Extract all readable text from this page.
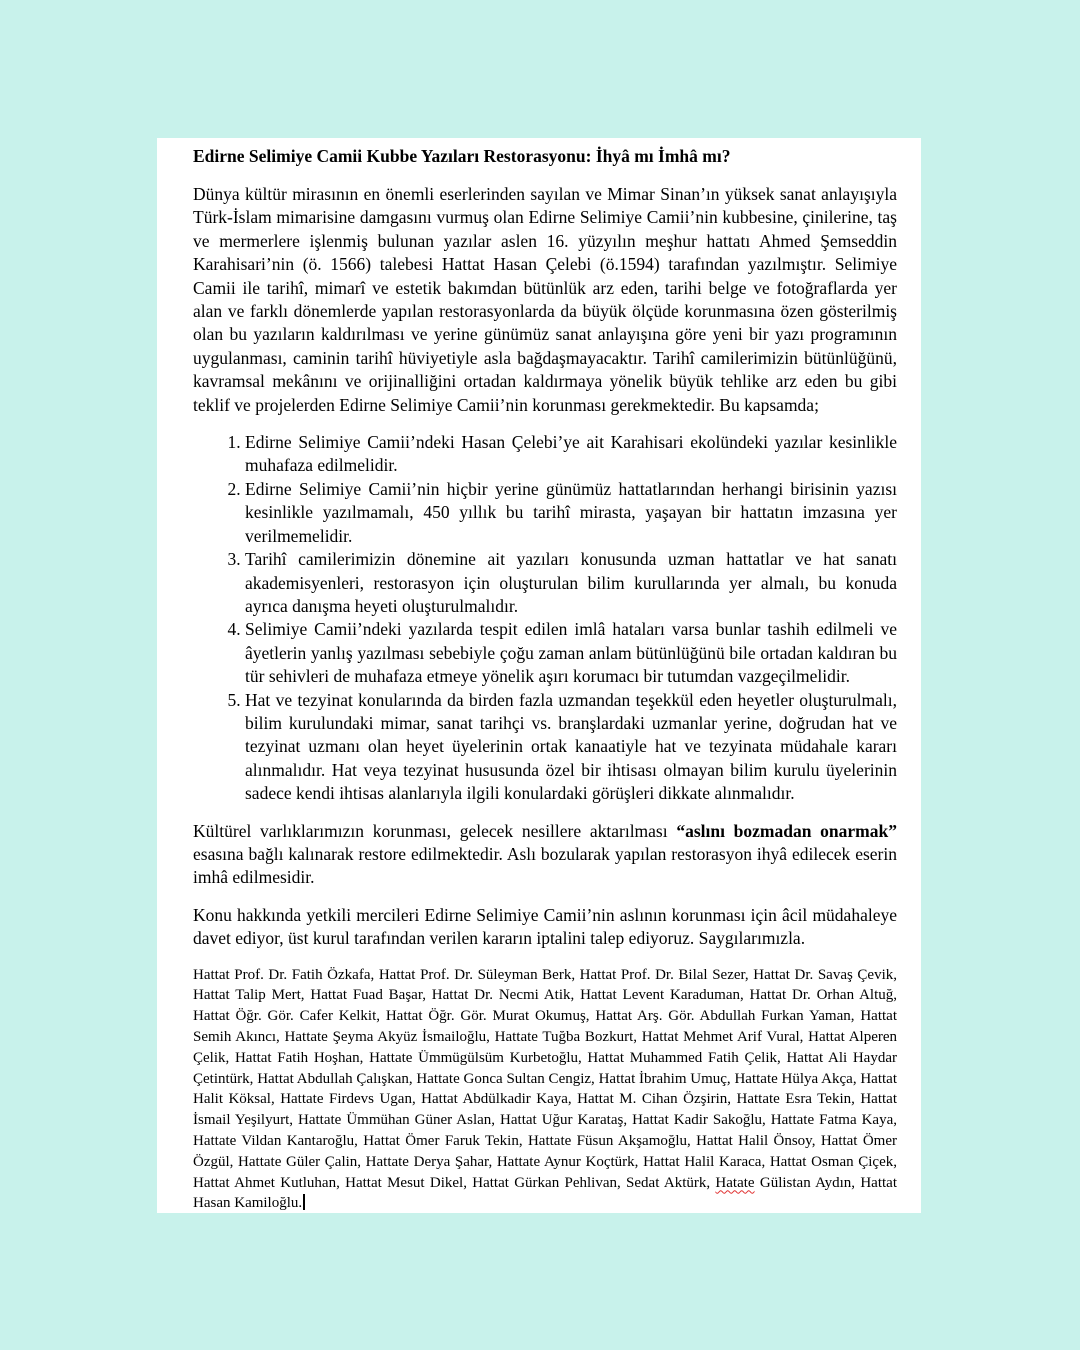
Edirne Selimiye Camii Kubbe Yazıları Restorasyonu: İhyâ mı İmhâ mı?

Dünya kültür mirasının en önemli eserlerinden sayılan ve Mimar Sinan’ın yüksek sanat anlayışıyla Türk-İslam mimarisine damgasını vurmuş olan Edirne Selimiye Camii’nin kubbesine, çinilerine, taş ve mermerlere işlenmiş bulunan yazılar aslen 16. yüzyılın meşhur hattatı Ahmed Şemseddin Karahisari’nin (ö. 1566) talebesi Hattat Hasan Çelebi (ö.1594) tarafından yazılmıştır. Selimiye Camii ile tarihî, mimarî ve estetik bakımdan bütünlük arz eden, tarihi belge ve fotoğraflarda yer alan ve farklı dönemlerde yapılan restorasyonlarda da büyük ölçüde korunmasına özen gösterilmiş olan bu yazıların kaldırılması ve yerine günümüz sanat anlayışına göre yeni bir yazı programının uygulanması, caminin tarihî hüviyetiyle asla bağdaşmayacaktır. Tarihî camilerimizin bütünlüğünü, kavramsal mekânını ve orijinalliğini ortadan kaldırmaya yönelik büyük tehlike arz eden bu gibi teklif ve projelerden Edirne Selimiye Camii’nin korunması gerekmektedir. Bu kapsamda;

1. Edirne Selimiye Camii’ndeki Hasan Çelebi’ye ait Karahisari ekolündeki yazılar kesinlikle muhafaza edilmelidir.
2. Edirne Selimiye Camii’nin hiçbir yerine günümüz hattatlarından herhangi birisinin yazısı kesinlikle yazılmamalı, 450 yıllık bu tarihî mirasta, yaşayan bir hattatın imzasına yer verilmemelidir.
3. Tarihî camilerimizin dönemine ait yazıları konusunda uzman hattatlar ve hat sanatı akademisyenleri, restorasyon için oluşturulan bilim kurullarında yer almalı, bu konuda ayrıca danışma heyeti oluşturulmalıdır.
4. Selimiye Camii’ndeki yazılarda tespit edilen imlâ hataları varsa bunlar tashih edilmeli ve âyetlerin yanlış yazılması sebebiyle çoğu zaman anlam bütünlüğünü bile ortadan kaldıran bu tür sehivleri de muhafaza etmeye yönelik aşırı korumacı bir tutumdan vazgeçilmelidir.
5. Hat ve tezyinat konularında da birden fazla uzmandan teşekkül eden heyetler oluşturulmalı, bilim kurulundaki mimar, sanat tarihçi vs. branşlardaki uzmanlar yerine, doğrudan hat ve tezyinat uzmanı olan heyet üyelerinin ortak kanaatiyle hat ve tezyinata müdahale kararı alınmalıdır. Hat veya tezyinat hususunda özel bir ihtisası olmayan bilim kurulu üyelerinin sadece kendi ihtisas alanlarıyla ilgili konulardaki görüşleri dikkate alınmalıdır.

Kültürel varlıklarımızın korunması, gelecek nesillere aktarılması “aslını bozmadan onarmak” esasına bağlı kalınarak restore edilmektedir. Aslı bozularak yapılan restorasyon ihyâ edilecek eserin imhâ edilmesidir.

Konu hakkında yetkili mercileri Edirne Selimiye Camii’nin aslının korunması için âcil müdahaleye davet ediyor, üst kurul tarafından verilen kararın iptalini talep ediyoruz. Saygılarımızla.

Hattat Prof. Dr. Fatih Özkafa, Hattat Prof. Dr. Süleyman Berk, Hattat Prof. Dr. Bilal Sezer, Hattat Dr. Savaş Çevik, Hattat Talip Mert, Hattat Fuad Başar, Hattat Dr. Necmi Atik, Hattat Levent Karaduman, Hattat Dr. Orhan Altuğ, Hattat Öğr. Gör. Cafer Kelkit, Hattat Öğr. Gör. Murat Okumuş, Hattat Arş. Gör. Abdullah Furkan Yaman, Hattat Semih Akıncı, Hattate Şeyma Akyüz İsmailoğlu, Hattate Tuğba Bozkurt, Hattat Mehmet Arif Vural, Hattat Alperen Çelik, Hattat Fatih Hoşhan, Hattate Ümmügülsüm Kurbetoğlu, Hattat Muhammed Fatih Çelik, Hattat Ali Haydar Çetintürk, Hattat Abdullah Çalışkan, Hattate Gonca Sultan Cengiz, Hattat İbrahim Umuç, Hattate Hülya Akça, Hattat Halit Köksal, Hattate Firdevs Ugan, Hattat Abdülkadir Kaya, Hattat M. Cihan Özşirin, Hattate Esra Tekin, Hattat İsmail Yeşilyurt, Hattate Ümmühan Güner Aslan, Hattat Uğur Karataş, Hattat Kadir Sakoğlu, Hattate Fatma Kaya, Hattate Vildan Kantaroğlu, Hattat Ömer Faruk Tekin, Hattate Füsun Akşamoğlu, Hattat Halil Önsoy, Hattat Ömer Özgül, Hattate Güler Çalin, Hattate Derya Şahar, Hattate Aynur Koçtürk, Hattat Halil Karaca, Hattat Osman Çiçek, Hattat Ahmet Kutluhan, Hattat Mesut Dikel, Hattat Gürkan Pehlivan, Sedat Aktürk, Hatate Gülistan Aydın, Hattat Hasan Kamiloğlu.
